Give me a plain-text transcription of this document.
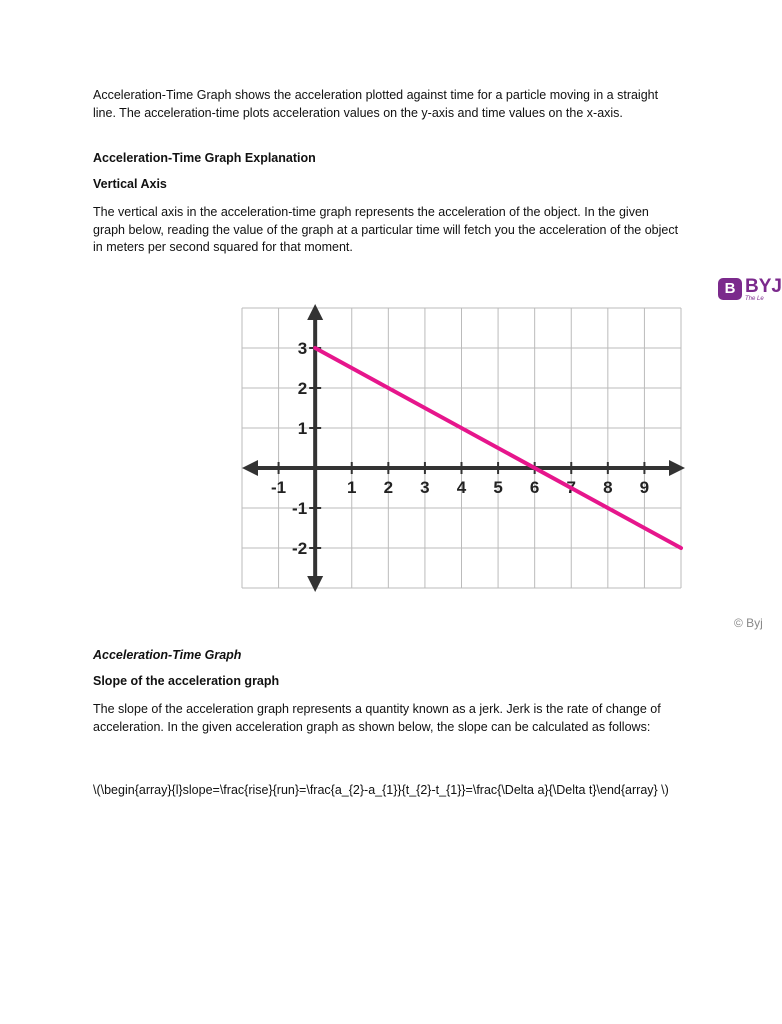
Acceleration-Time Graph shows the acceleration plotted against time for a particle moving in a straight line. The acceleration-time plots acceleration values on the y-axis and time values on the x-axis.

Acceleration-Time Graph Explanation

Vertical Axis

The vertical axis in the acceleration-time graph represents the acceleration of the object. In the given graph below, reading the value of the graph at a particular time will fetch you the acceleration of the object in meters per second squared for that moment.

B BYJ
The Le
-1	1 2 3 4 5 6 7 8 9
3
2
1
-1
-2
© Byj

Acceleration-Time Graph

Slope of the acceleration graph

The slope of the acceleration graph represents a quantity known as a jerk. Jerk is the rate of change of acceleration. In the given acceleration graph as shown below, the slope can be calculated as follows:

\(\begin{array}{l}slope=\frac{rise}{run}=\frac{a_{2}-a_{1}}{t_{2}-t_{1}}=\frac{\Delta a}{\Delta t}\end{array} \)
